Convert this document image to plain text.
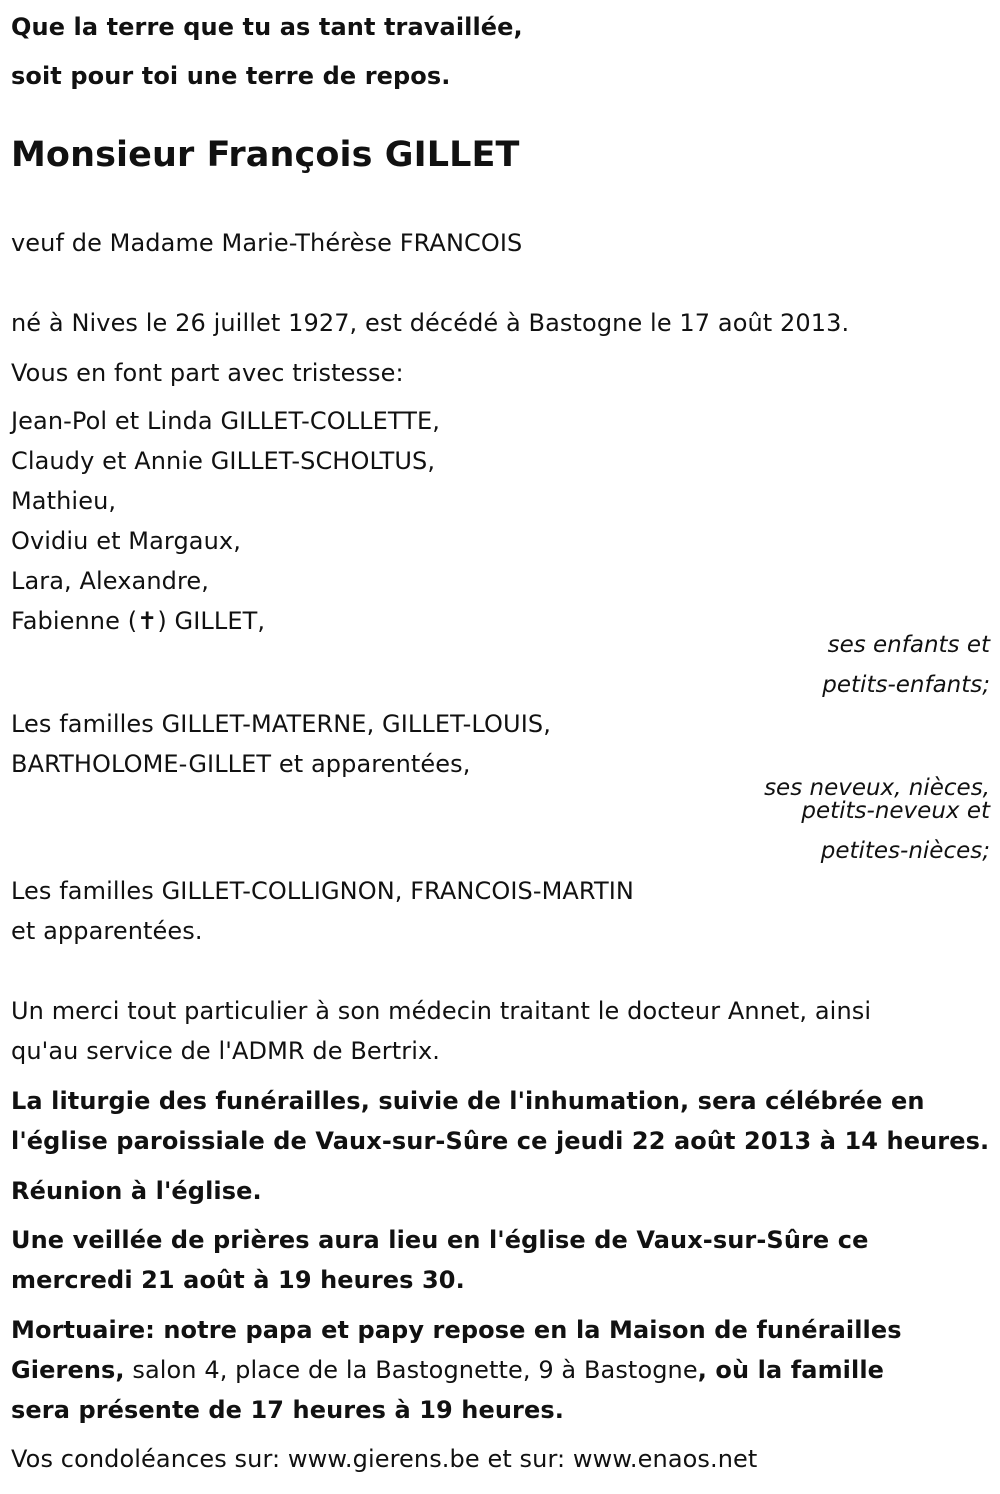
Que la terre que tu as tant travaillée,
soit pour toi une terre de repos.
Monsieur François GILLET
veuf de Madame Marie-Thérèse FRANCOIS
né à Nives le 26 juillet 1927, est décédé à Bastogne le 17 août 2013.
Vous en font part avec tristesse:
Jean-Pol et Linda GILLET-COLLETTE,
Claudy et Annie GILLET-SCHOLTUS,
Mathieu,
Ovidiu et Margaux,
Lara, Alexandre,
Fabienne (✝) GILLET,
ses enfants et
petits-enfants;
Les familles GILLET-MATERNE, GILLET-LOUIS,
BARTHOLOME-GILLET et apparentées,
ses neveux, nièces,
petits-neveux et
petites-nièces;
Les familles GILLET-COLLIGNON, FRANCOIS-MARTIN
et apparentées.
Un merci tout particulier à son médecin traitant le docteur Annet, ainsi
qu'au service de l'ADMR de Bertrix.
La liturgie des funérailles, suivie de l'inhumation, sera célébrée en
l'église paroissiale de Vaux-sur-Sûre ce jeudi 22 août 2013 à 14 heures.
Réunion à l'église.
Une veillée de prières aura lieu en l'église de Vaux-sur-Sûre ce
mercredi 21 août à 19 heures 30.
Mortuaire: notre papa et papy repose en la Maison de funérailles
Gierens, salon 4, place de la Bastognette, 9 à Bastogne, où la famille
sera présente de 17 heures à 19 heures.
Vos condoléances sur: www.gierens.be et sur: www.enaos.net
